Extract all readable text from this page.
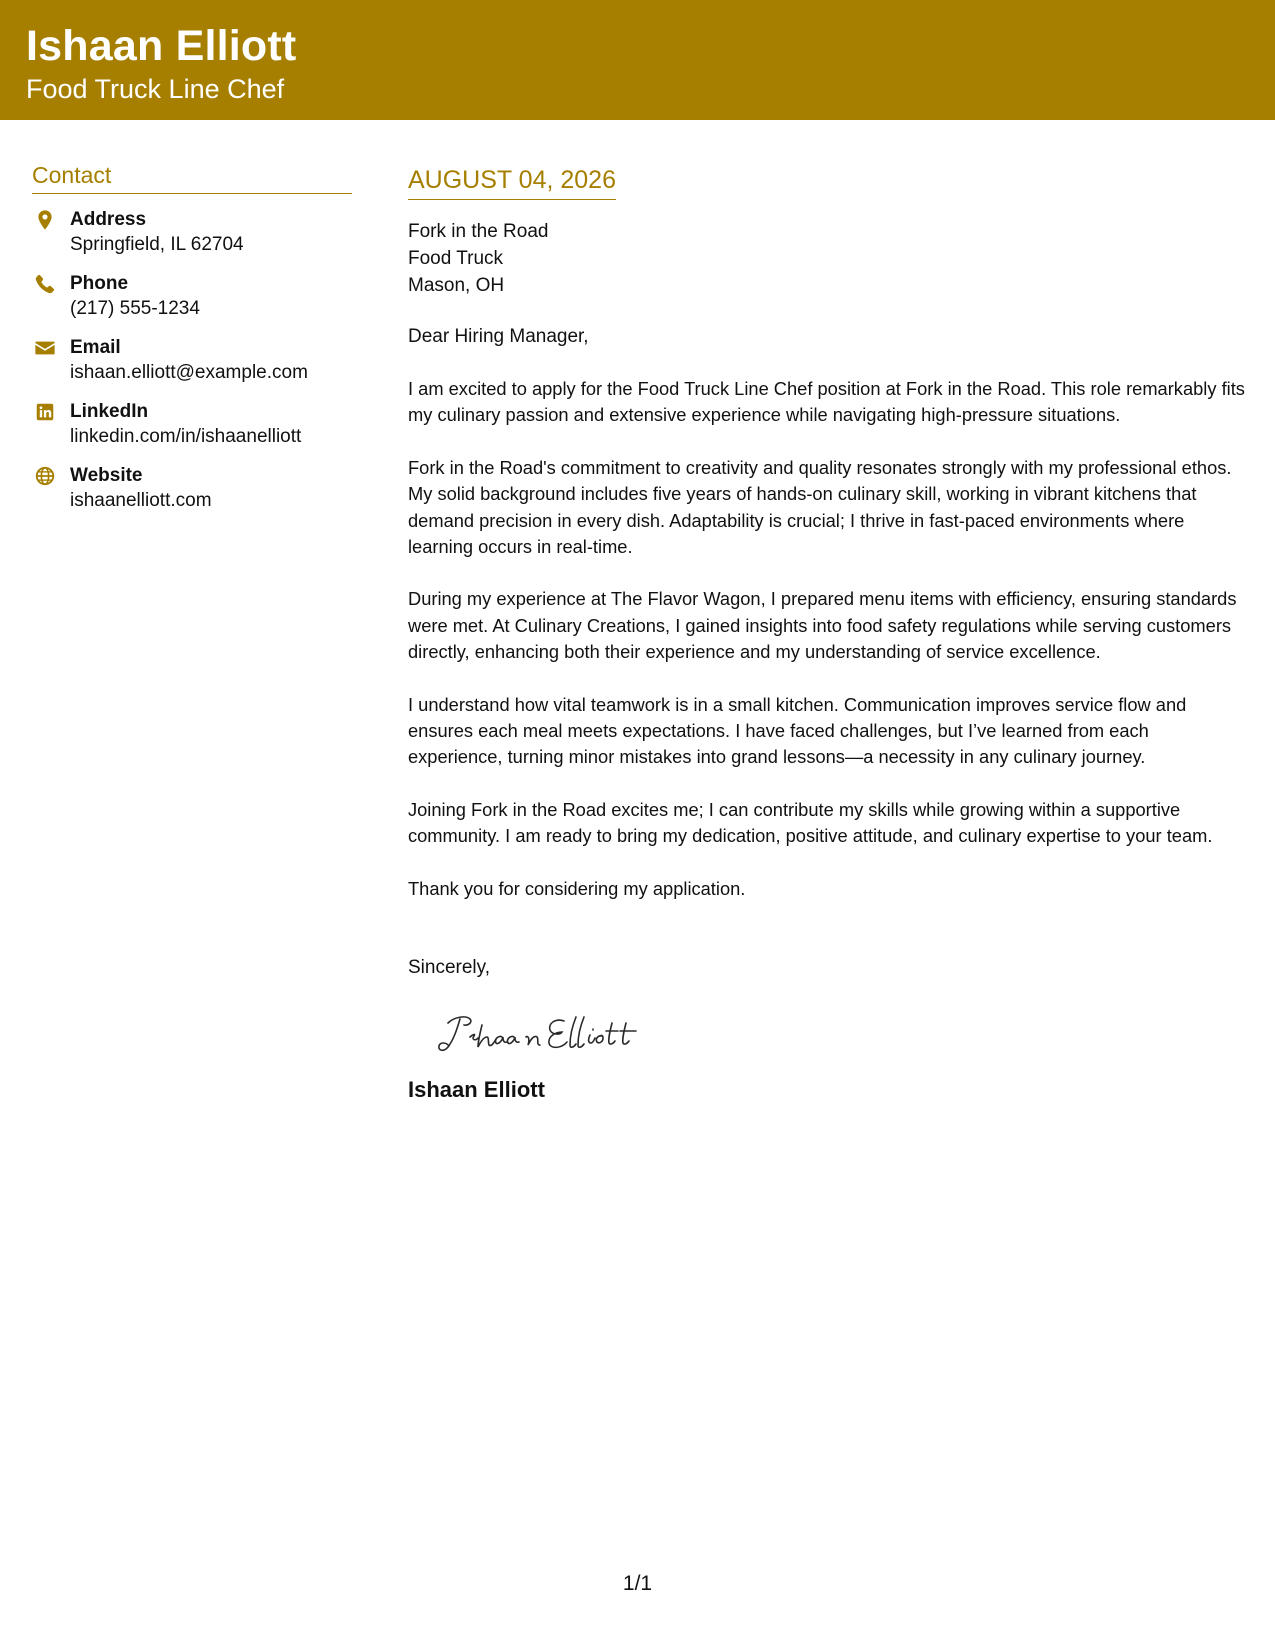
Ishaan Elliott
Food Truck Line Chef
Contact
Address
Springfield, IL 62704
Phone
(217) 555-1234
Email
ishaan.elliott@example.com
LinkedIn
linkedin.com/in/ishaanelliott
Website
ishaanelliott.com
AUGUST 04, 2026
Fork in the Road
Food Truck
Mason, OH
Dear Hiring Manager,
I am excited to apply for the Food Truck Line Chef position at Fork in the Road. This role remarkably fits my culinary passion and extensive experience while navigating high-pressure situations.
Fork in the Road's commitment to creativity and quality resonates strongly with my professional ethos. My solid background includes five years of hands-on culinary skill, working in vibrant kitchens that demand precision in every dish. Adaptability is crucial; I thrive in fast-paced environments where learning occurs in real-time.
During my experience at The Flavor Wagon, I prepared menu items with efficiency, ensuring standards were met. At Culinary Creations, I gained insights into food safety regulations while serving customers directly, enhancing both their experience and my understanding of service excellence.
I understand how vital teamwork is in a small kitchen. Communication improves service flow and ensures each meal meets expectations. I have faced challenges, but I’ve learned from each experience, turning minor mistakes into grand lessons—a necessity in any culinary journey.
Joining Fork in the Road excites me; I can contribute my skills while growing within a supportive community. I am ready to bring my dedication, positive attitude, and culinary expertise to your team.
Thank you for considering my application.
Sincerely,
Ishaan Elliott
1/1
